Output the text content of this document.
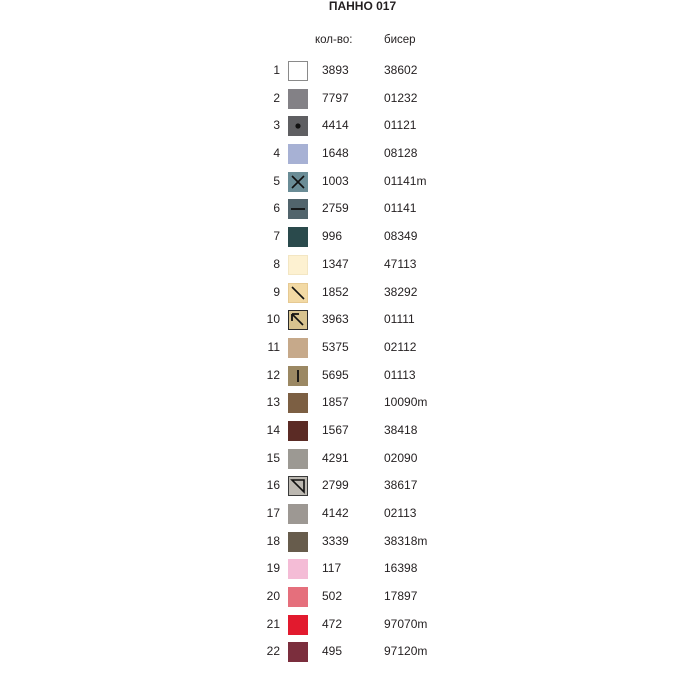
ПАННО 017
кол-во:	бисер
1	3893	38602
2	7797	01232
3	4414	01121
4	1648	08128
5	1003	01141m
6	2759	01141
7	996	08349
8	1347	47113
9	1852	38292
10	3963	01111
11	5375	02112
12	5695	01113
13	1857	10090m
14	1567	38418
15	4291	02090
16	2799	38617
17	4142	02113
18	3339	38318m
19	117	16398
20	502	17897
21	472	97070m
22	495	97120m
